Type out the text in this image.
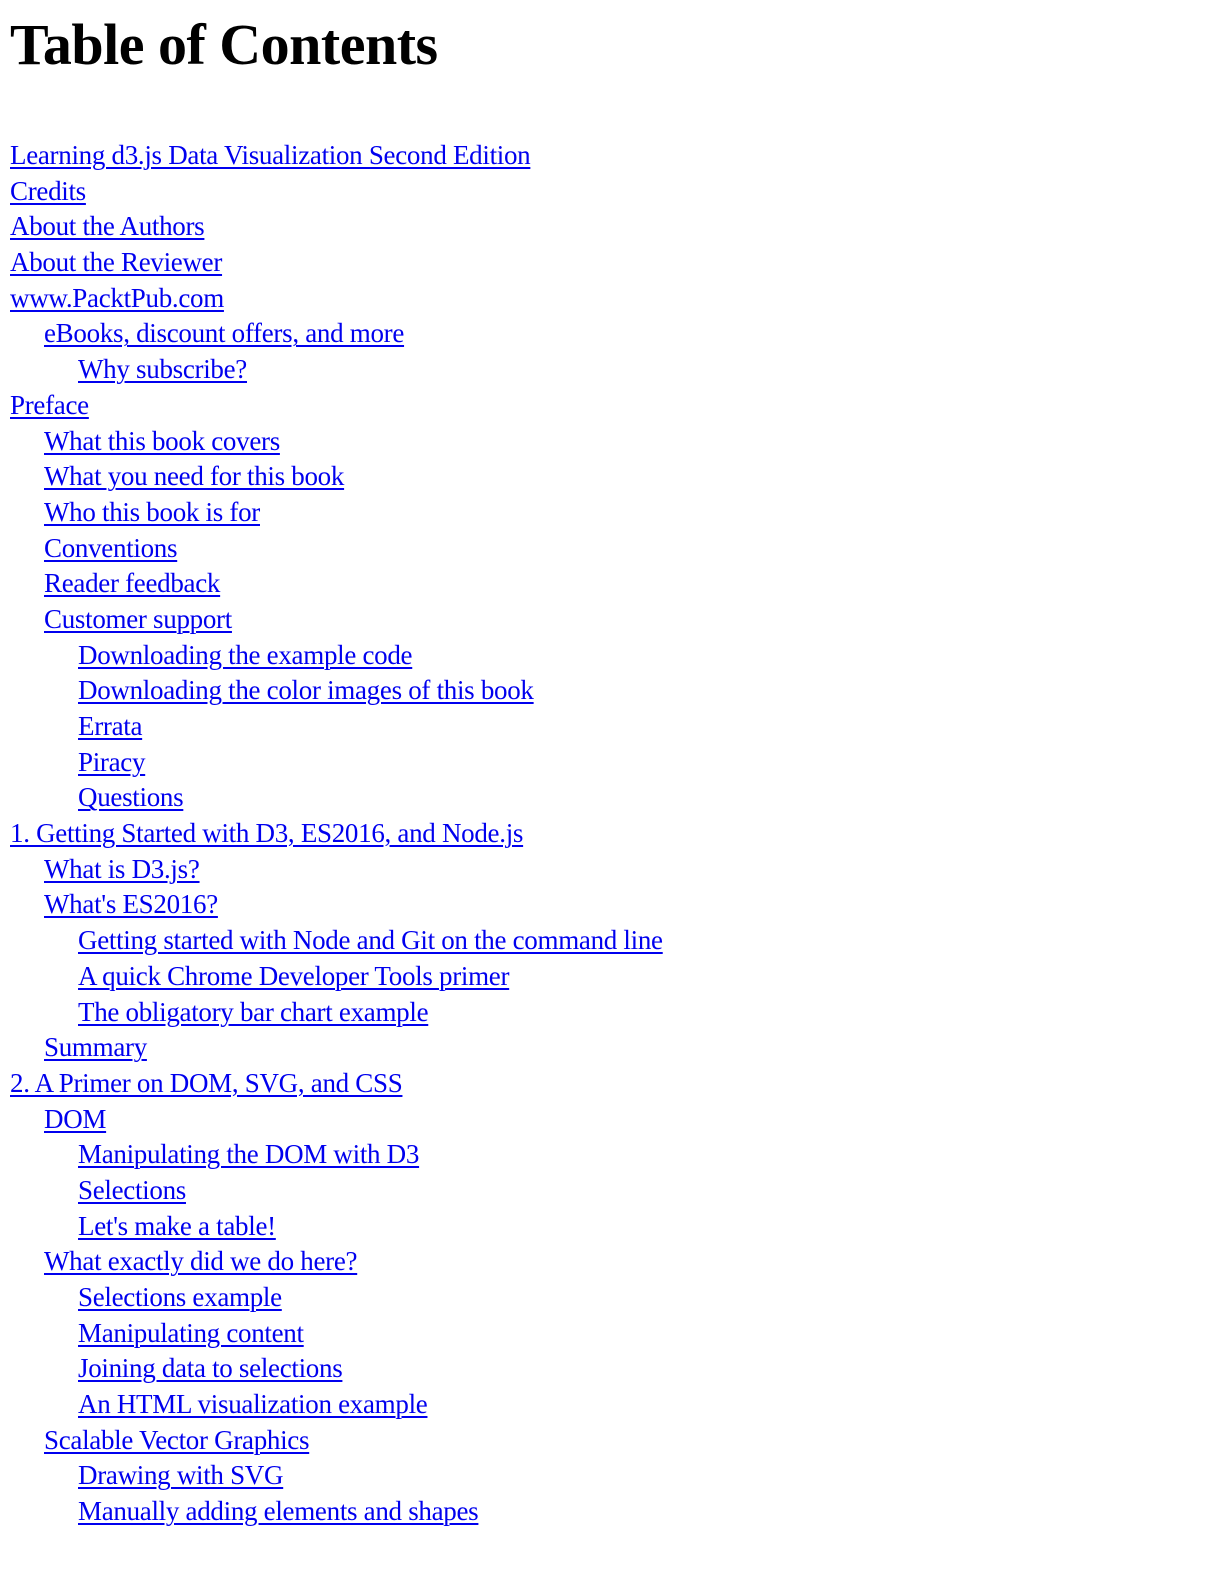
Table of Contents
Learning d3.js Data Visualization Second Edition
Credits
About the Authors
About the Reviewer
www.PacktPub.com
eBooks, discount offers, and more
Why subscribe?
Preface
What this book covers
What you need for this book
Who this book is for
Conventions
Reader feedback
Customer support
Downloading the example code
Downloading the color images of this book
Errata
Piracy
Questions
1. Getting Started with D3, ES2016, and Node.js
What is D3.js?
What's ES2016?
Getting started with Node and Git on the command line
A quick Chrome Developer Tools primer
The obligatory bar chart example
Summary
2. A Primer on DOM, SVG, and CSS
DOM
Manipulating the DOM with D3
Selections
Let's make a table!
What exactly did we do here?
Selections example
Manipulating content
Joining data to selections
An HTML visualization example
Scalable Vector Graphics
Drawing with SVG
Manually adding elements and shapes
